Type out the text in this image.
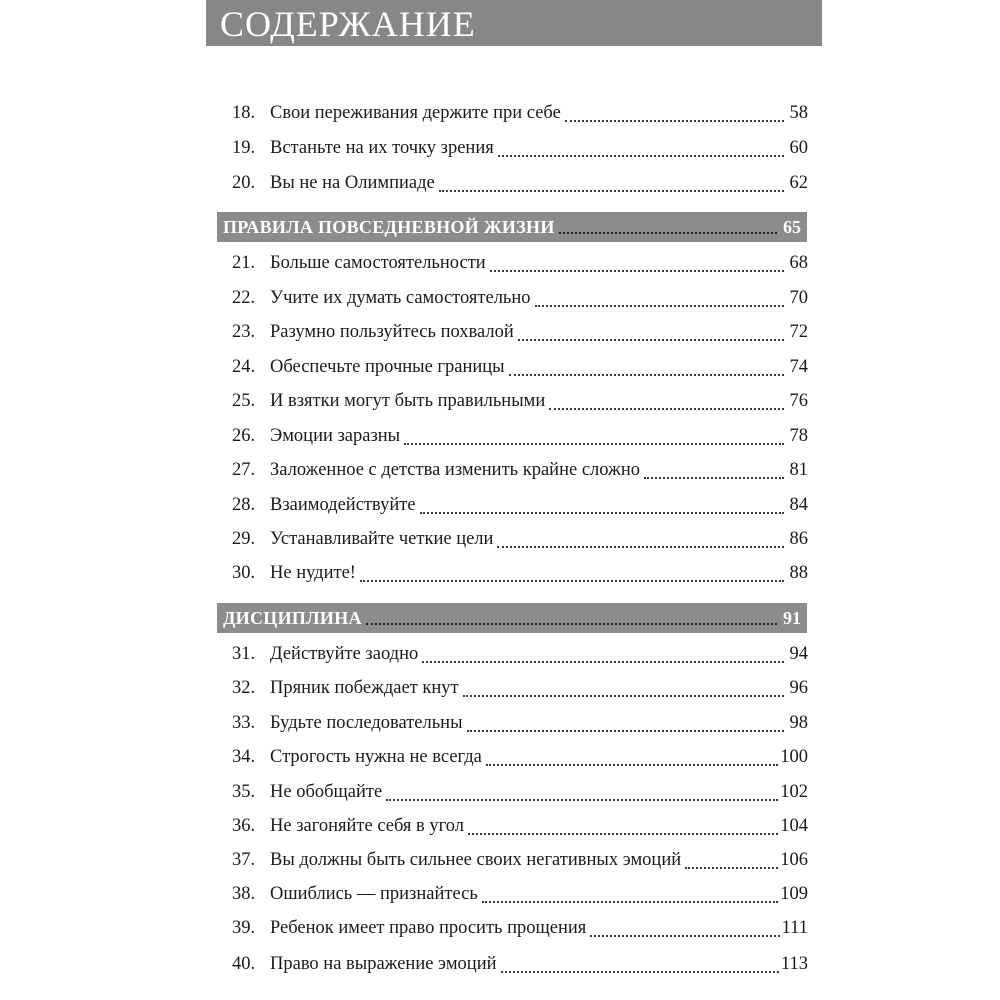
СОДЕРЖАНИЕ
18. Свои переживания держите при себе	58
19. Встаньте на их точку зрения	60
20. Вы не на Олимпиаде	62
ПРАВИЛА ПОВСЕДНЕВНОЙ ЖИЗНИ	65
21. Больше самостоятельности	68
22. Учите их думать самостоятельно	70
23. Разумно пользуйтесь похвалой	72
24. Обеспечьте прочные границы	74
25. И взятки могут быть правильными	76
26. Эмоции заразны	78
27. Заложенное с детства изменить крайне сложно	81
28. Взаимодействуйте	84
29. Устанавливайте четкие цели	86
30. Не нудите!	88
ДИСЦИПЛИНА	91
31. Действуйте заодно	94
32. Пряник побеждает кнут	96
33. Будьте последовательны	98
34. Строгость нужна не всегда	100
35. Не обобщайте	102
36. Не загоняйте себя в угол	104
37. Вы должны быть сильнее своих негативных эмоций	106
38. Ошиблись — признайтесь	109
39. Ребенок имеет право просить прощения	111
40. Право на выражение эмоций	113
